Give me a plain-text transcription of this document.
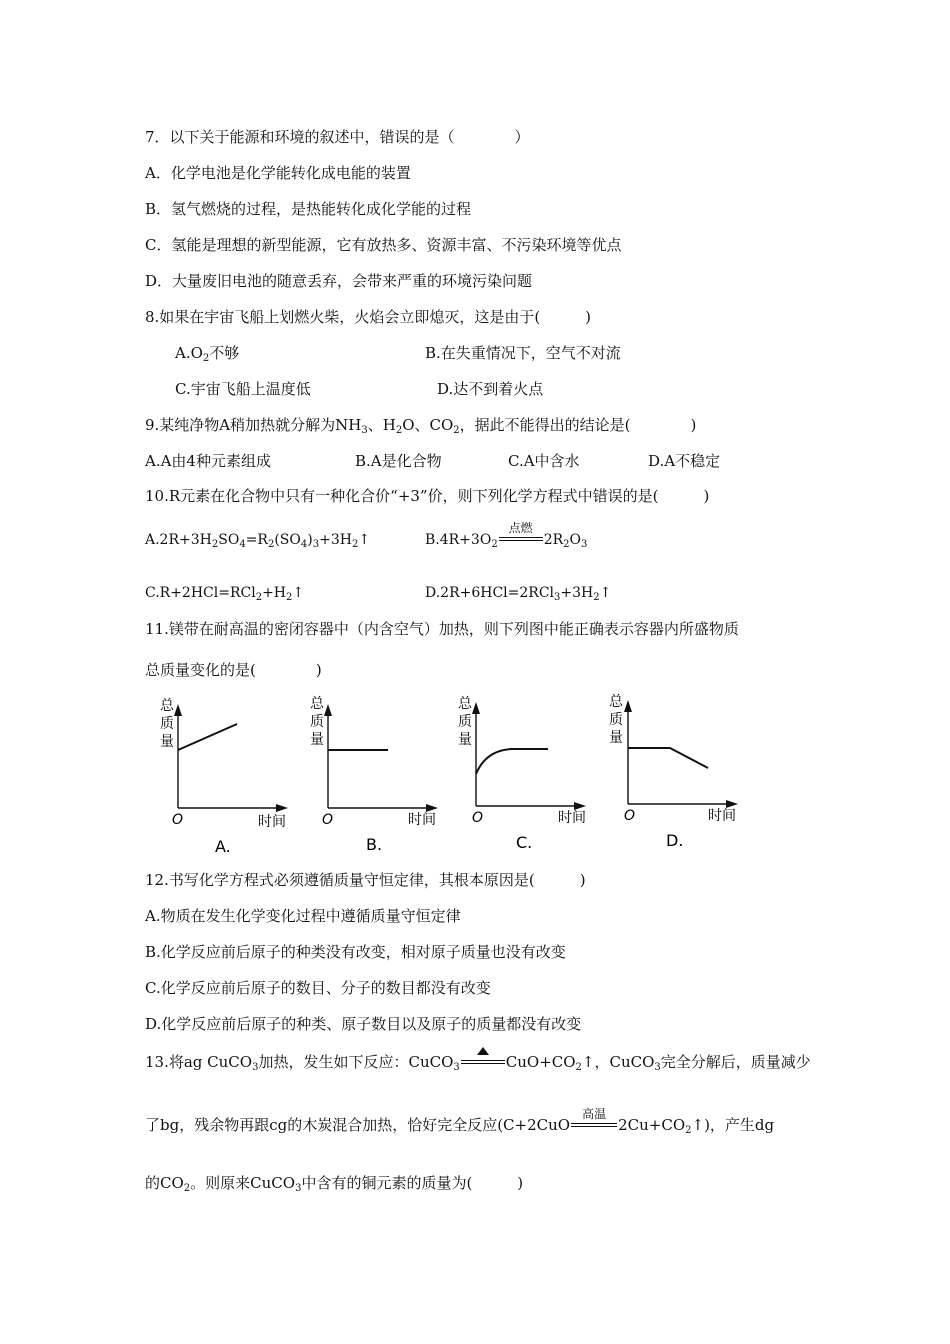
7．以下关于能源和环境的叙述中，错误的是（　　　　）
A．化学电池是化学能转化成电能的装置
B．氢气燃烧的过程，是热能转化成化学能的过程
C．氢能是理想的新型能源，它有放热多、资源丰富、不污染环境等优点
D．大量废旧电池的随意丢弃，会带来严重的环境污染问题
8.如果在宇宙飞船上划燃火柴，火焰会立即熄灭，这是由于(　　　)
$A.O_2$不够	B.在失重情况下，空气不对流
C.宇宙飞船上温度低	D.达不到着火点
9.某纯净物A稍加热就分解为$NH_3$、$H_2O$、$CO_2$，据此不能得出的结论是(　　　　)
A.A由4种元素组成	B.A是化合物	C.A中含水	D.A不稳定
10.R元素在化合物中只有一种化合价“+3”价，则下列化学方程式中错误的是(　　　)
$A.2R+3H_2SO_4=R_2(SO_4)_3+3H_2↑$	$B.4R+3O_2$
点燃
$2R_2O_3$
$C.R+2HCl=RCl_2+H_2↑$	$D.2R+6HCl=2RCl_3+3H_2↑$
11.镁带在耐高温的密闭容器中（内含空气）加热，则下列图中能正确表示容器内所盛物质
总质量变化的是(　　　　)
总
质
量
O	时间
A.
总
质
量
O	时间
B.
总
质
量
O	时间
C.
总
质
量
O	时间
D.
12.书写化学方程式必须遵循质量守恒定律，其根本原因是(　　　)
A.物质在发生化学变化过程中遵循质量守恒定律
B.化学反应前后原子的种类没有改变，相对原子质量也没有改变
C.化学反应前后原子的数目、分子的数目都没有改变
D.化学反应前后原子的种类、原子数目以及原子的质量都没有改变
13.将ag CuCO$_3$加热，发生如下反应：CuCO$_3$	$CuO+CO_2↑$，CuCO$_3$完全分解后，质量减少
了bg，残余物再跟cg的木炭混合加热，恰好完全反应(C+2CuO
高温
$2Cu+CO_2↑$)，产生dg
的$CO_2$。则原来CuCO$_3$中含有的铜元素的质量为(　　　)
